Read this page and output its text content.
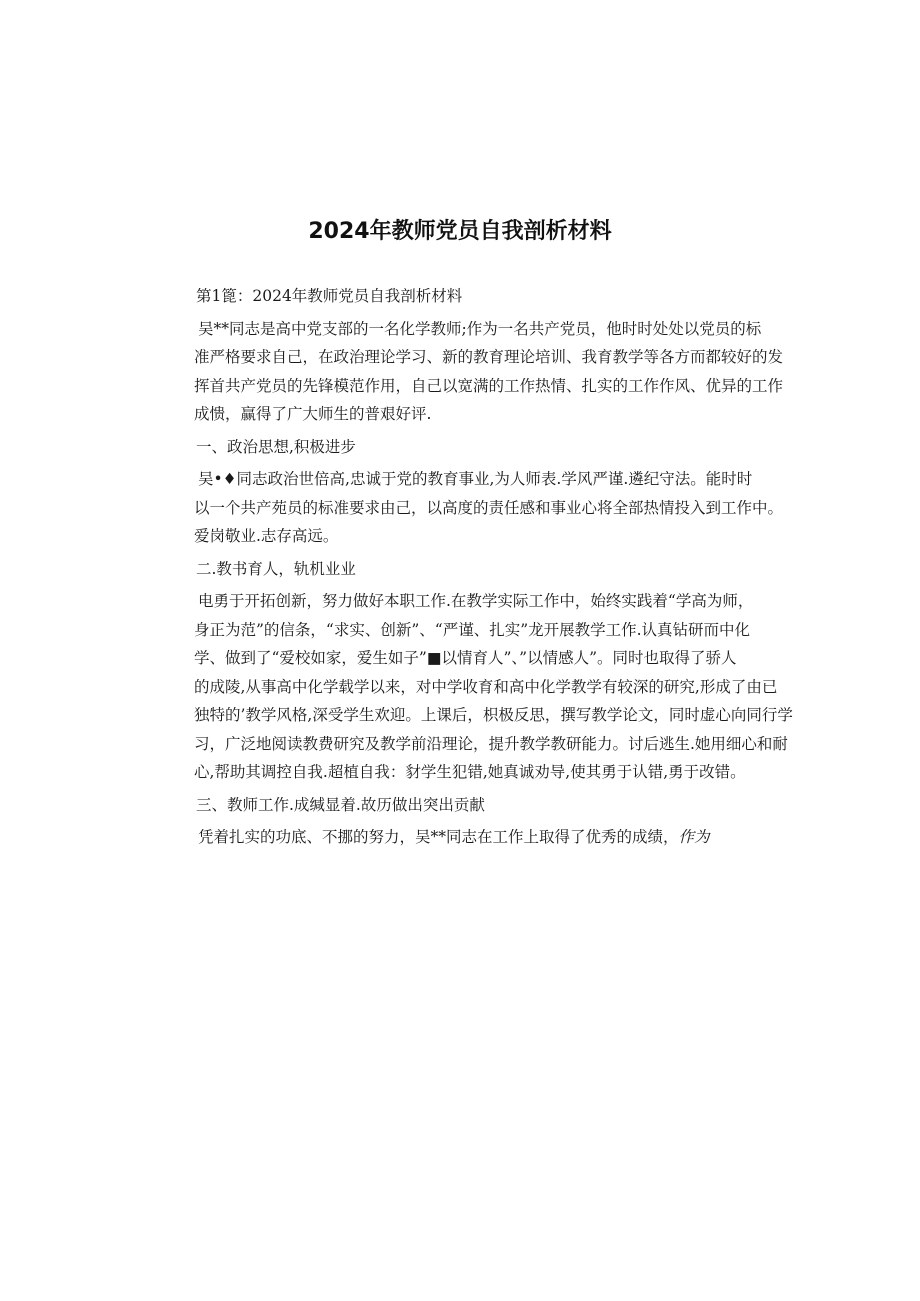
2024年教师党员自我剖析材料
第1篦：2024年教师党员自我剖析材料
吴**同志是高中党支部的一名化学教师;作为一名共产党员，他时时处处以党员的标
准严格要求自己，在政治理论学习、新的教育理论培训、我育教学等各方而都较好的发
挥首共产党员的先锋模范作用，自己以宽满的工作热情、扎实的工作作风、优异的工作
成愦，赢得了广大师生的普艰好评.
一、政治思想,积极进步
吴•♦同志政治世倍高,忠诚于党的教育事业,为人师表.学风严谨.遴纪守法。能时时
以一个共产苑员的标准要求由己，以高度的责任感和事业心将全部热情投入到工作中。
爱岗敬业.志存高远。
二.教书育人，轨机业业
电勇于开拓创新，努力做好本职工作.在教学实际工作中，始终实践着“学高为师，
身正为范”的信条，“求实、创新”、“严谨、扎实”龙开展教学工作.认真钻研而中化
学、做到了“爱校如家，爱生如子”■以情育人”、”以情感人”。同时也取得了骄人
的成陵,从事高中化学载学以来，对中学收育和高中化学教学有较深的研究,形成了由已
独特的’教学风格,深受学生欢迎。上课后，枳极反思，撰写教学论文，同时虚心向同行学
习，广泛地阅读教费研究及教学前沿理论，提升教学教研能力。讨后逃生.她用细心和耐
心,帮助其调控自我.超植自我：豺学生犯错,她真诚劝导,使其勇于认错,勇于改错。
三、教师工作.成缄显着.故历做出突出贡献
凭着扎实的功底、不挪的努力，吴**同志在工作上取得了优秀的成绩，作为
